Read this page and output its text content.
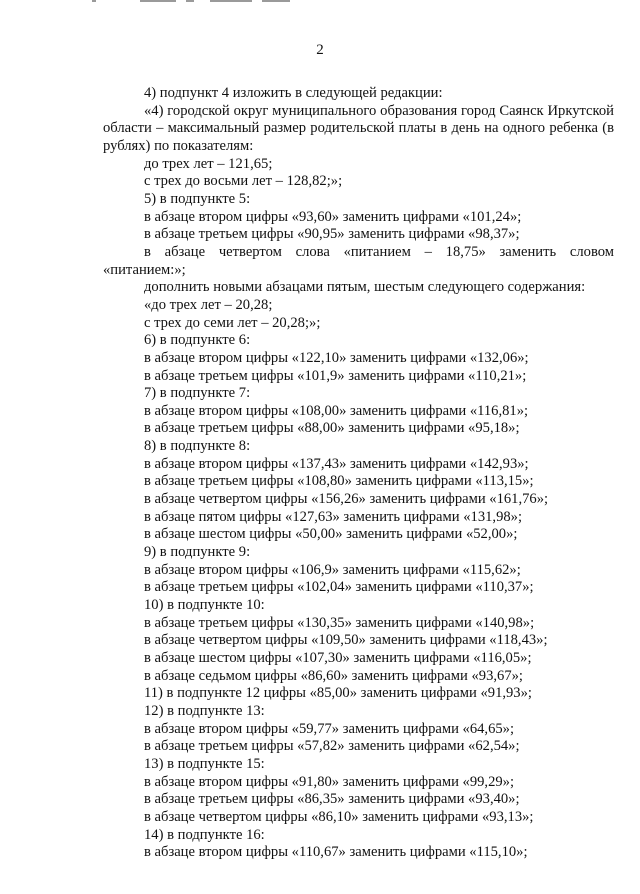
2

4) подпункт 4 изложить в следующей редакции:

«4) городской округ муниципального образования город Саянск Иркутской области – максимальный размер родительской платы в день на одного ребенка (в рублях) по показателям:

до трех лет – 121,65;

с трех до восьми лет – 128,82;»;

5) в подпункте 5:

в абзаце втором цифры «93,60» заменить цифрами «101,24»;

в абзаце третьем цифры «90,95» заменить цифрами «98,37»;

в абзаце четвертом слова «питанием – 18,75» заменить словом «питанием:»;

дополнить новыми абзацами пятым, шестым следующего содержания:

«до трех лет – 20,28;

с трех до семи лет – 20,28;»;

6) в подпункте 6:

в абзаце втором цифры «122,10» заменить цифрами «132,06»;

в абзаце третьем цифры «101,9» заменить цифрами «110,21»;

7) в подпункте 7:

в абзаце втором цифры «108,00» заменить цифрами «116,81»;

в абзаце третьем цифры «88,00» заменить цифрами «95,18»;

8) в подпункте 8:

в абзаце втором цифры «137,43» заменить цифрами «142,93»;

в абзаце третьем цифры «108,80» заменить цифрами «113,15»;

в абзаце четвертом цифры «156,26» заменить цифрами «161,76»;

в абзаце пятом цифры «127,63» заменить цифрами «131,98»;

в абзаце шестом цифры «50,00» заменить цифрами «52,00»;

9) в подпункте 9:

в абзаце втором цифры «106,9» заменить цифрами «115,62»;

в абзаце третьем цифры «102,04» заменить цифрами «110,37»;

10) в подпункте 10:

в абзаце третьем цифры «130,35» заменить цифрами «140,98»;

в абзаце четвертом цифры «109,50» заменить цифрами «118,43»;

в абзаце шестом цифры «107,30» заменить цифрами «116,05»;

в абзаце седьмом цифры «86,60» заменить цифрами «93,67»;

11) в подпункте 12 цифры «85,00» заменить цифрами «91,93»;

12) в подпункте 13:

в абзаце втором цифры «59,77» заменить цифрами «64,65»;

в абзаце третьем цифры «57,82» заменить цифрами «62,54»;

13) в подпункте 15:

в абзаце втором цифры «91,80» заменить цифрами «99,29»;

в абзаце третьем цифры «86,35» заменить цифрами «93,40»;

в абзаце четвертом цифры «86,10» заменить цифрами «93,13»;

14) в подпункте 16:

в абзаце втором цифры «110,67» заменить цифрами «115,10»;
